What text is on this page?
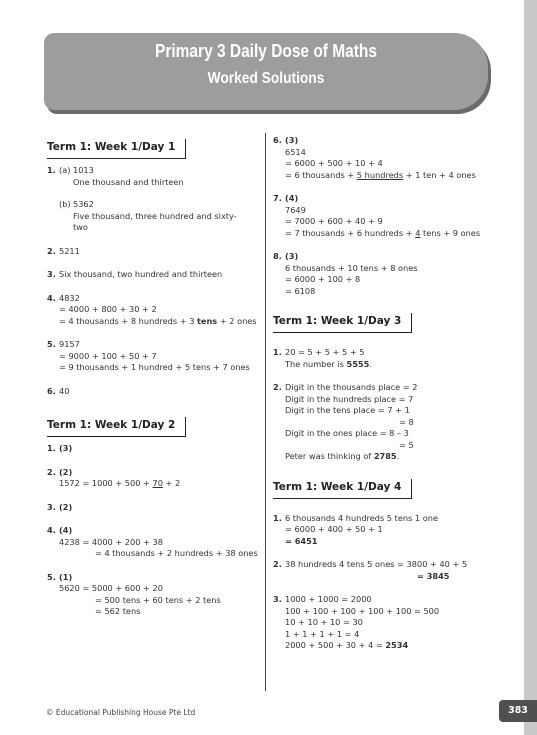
Primary 3 Daily Dose of Maths
Worked Solutions
Term 1: Week 1/Day 1
1. (a) 1013
One thousand and thirteen
(b) 5362
Five thousand, three hundred and sixty-
two
2. 5211
3. Six thousand, two hundred and thirteen
4. 4832
= 4000 + 800 + 30 + 2
= 4 thousands + 8 hundreds + 3 tens + 2 ones
5. 9157
= 9000 + 100 + 50 + 7
= 9 thousands + 1 hundred + 5 tens + 7 ones
6. 40
Term 1: Week 1/Day 2
1. (3)
2. (2)
1572 = 1000 + 500 + 70 + 2
3. (2)
4. (4)
4238 = 4000 + 200 + 38
= 4 thousands + 2 hundreds + 38 ones
5. (1)
5620 = 5000 + 600 + 20
= 500 tens + 60 tens + 2 tens
= 562 tens
6. (3)
6514
= 6000 + 500 + 10 + 4
= 6 thousands + 5 hundreds + 1 ten + 4 ones
7. (4)
7649
= 7000 + 600 + 40 + 9
= 7 thousands + 6 hundreds + 4 tens + 9 ones
8. (3)
6 thousands + 10 tens + 8 ones
= 6000 + 100 + 8
= 6108
Term 1: Week 1/Day 3
1. 20 = 5 + 5 + 5 + 5
The number is 5555.
2. Digit in the thousands place = 2
Digit in the hundreds place = 7
Digit in the tens place = 7 + 1
= 8
Digit in the ones place = 8 – 3
= 5
Peter was thinking of 2785.
Term 1: Week 1/Day 4
1. 6 thousands 4 hundreds 5 tens 1 one
= 6000 + 400 + 50 + 1
= 6451
2. 38 hundreds 4 tens 5 ones = 3800 + 40 + 5
= 3845
3. 1000 + 1000 = 2000
100 + 100 + 100 + 100 + 100 = 500
10 + 10 + 10 = 30
1 + 1 + 1 + 1 = 4
2000 + 500 + 30 + 4 = 2534
© Educational Publishing House Pte Ltd	383
